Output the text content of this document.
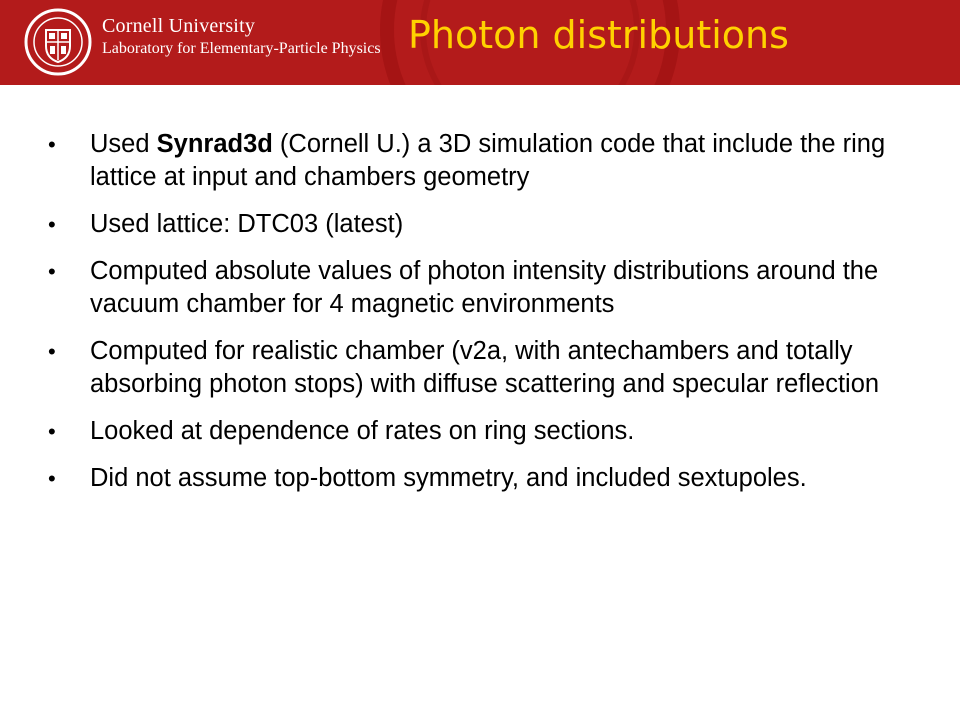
Cornell University
Laboratory for Elementary-Particle Physics Photon distributions
• Used Synrad3d (Cornell U.) a 3D simulation code that include the ring lattice at input and chambers geometry
• Used lattice: DTC03 (latest)
• Computed absolute values of photon intensity distributions around the vacuum chamber for 4 magnetic environments
• Computed for realistic chamber (v2a, with antechambers and totally absorbing photon stops) with diffuse scattering and specular reflection
• Looked at dependence of rates on ring sections.
• Did not assume top-bottom symmetry, and included sextupoles.
